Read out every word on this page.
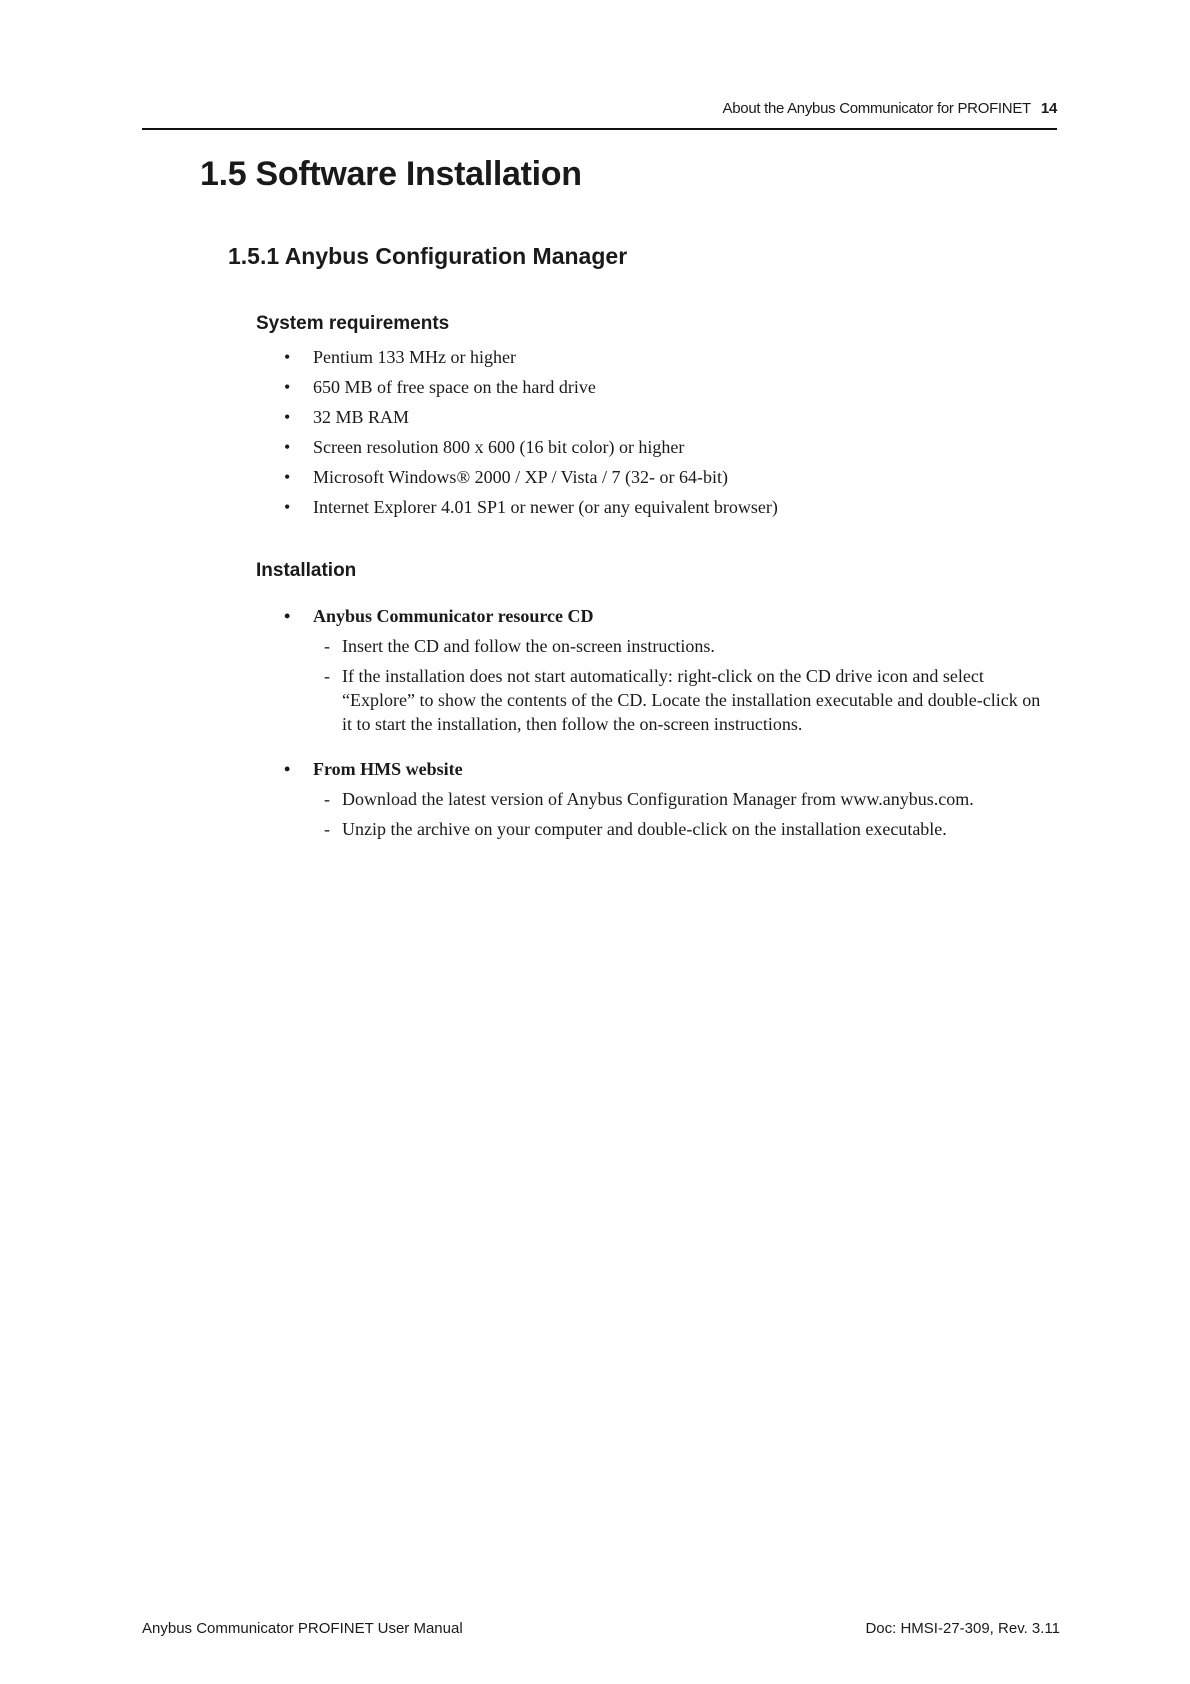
About the Anybus Communicator for PROFINET 14
1.5 Software Installation
1.5.1 Anybus Configuration Manager
System requirements
• Pentium 133 MHz or higher
• 650 MB of free space on the hard drive
• 32 MB RAM
• Screen resolution 800 x 600 (16 bit color) or higher
• Microsoft Windows® 2000 / XP / Vista / 7 (32- or 64-bit)
• Internet Explorer 4.01 SP1 or newer (or any equivalent browser)
Installation
• Anybus Communicator resource CD
- Insert the CD and follow the on-screen instructions.
- If the installation does not start automatically: right-click on the CD drive icon and select “Explore” to show the contents of the CD. Locate the installation executable and double-click on it to start the installation, then follow the on-screen instructions.
• From HMS website
- Download the latest version of Anybus Configuration Manager from www.anybus.com.
- Unzip the archive on your computer and double-click on the installation executable.
Anybus Communicator PROFINET User Manual	Doc: HMSI-27-309, Rev. 3.11
